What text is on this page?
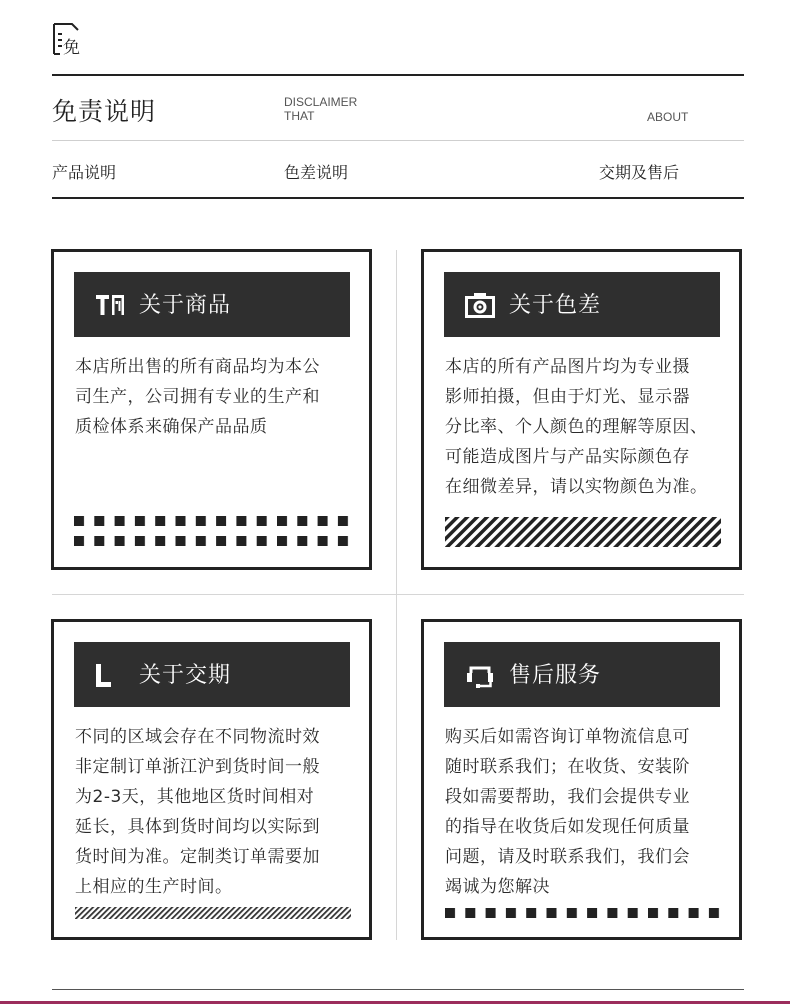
免
免责说明	DISCLAIMER
THAT	ABOUT
产品说明	色差说明	交期及售后
关于商品
本店所出售的所有商品均为本公
司生产，公司拥有专业的生产和
质检体系来确保产品品质
关于色差
本店的所有产品图片均为专业摄
影师拍摄，但由于灯光、显示器
分比率、个人颜色的理解等原因、
可能造成图片与产品实际颜色存
在细微差异，请以实物颜色为准。
关于交期
不同的区域会存在不同物流时效
非定制订单浙江沪到货时间一般
为2-3天，其他地区货时间相对
延长，具体到货时间均以实际到
货时间为准。定制类订单需要加
上相应的生产时间。
售后服务
购买后如需咨询订单物流信息可
随时联系我们；在收货、安装阶
段如需要帮助，我们会提供专业
的指导在收货后如发现任何质量
问题，请及时联系我们，我们会
竭诚为您解决
